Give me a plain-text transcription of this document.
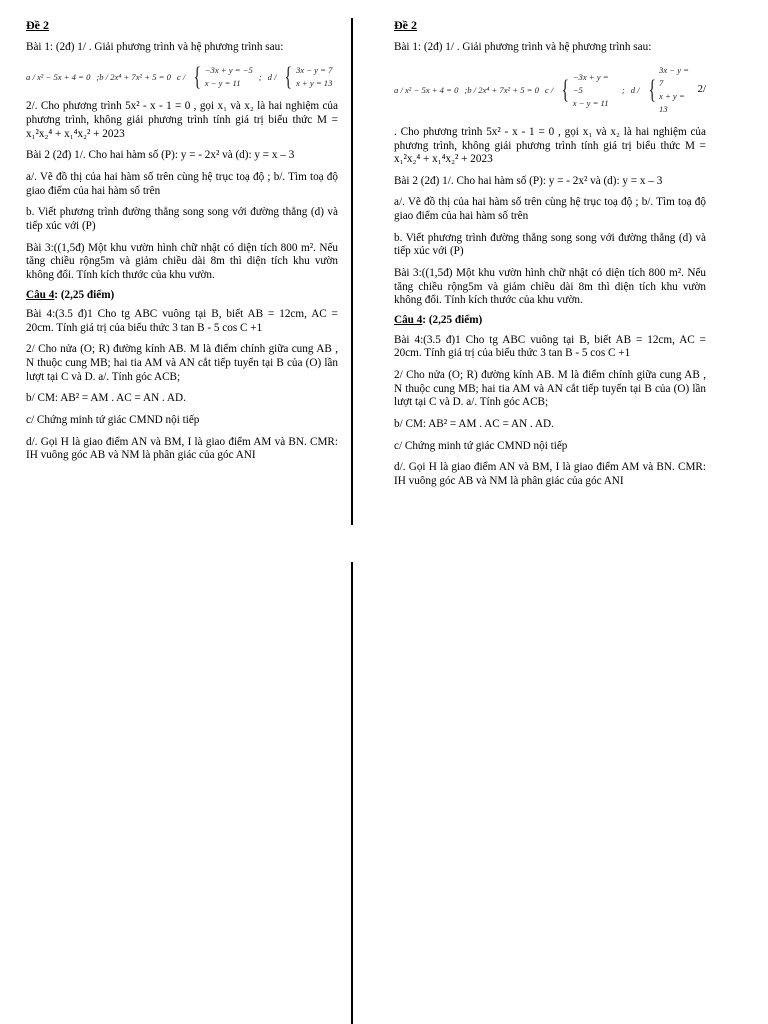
Đề 2

Bài 1: (2đ) 1/ . Giải phương trình và hệ phương trình sau:

a / x² − 5x + 4 = 0 ;b / 2x⁴ + 7x² + 5 = 0 c / { −3x + y = −5
x − y = 11
; d / { 3x − y = 7
x + y = 13

2/. Cho phương trình 5x² - x - 1 = 0 , gọi x₁ và x₂ là hai nghiệm của phương trình, không giải phương trình tính giá trị biểu thức M = x₁²x₂⁴ + x₁⁴x₂² + 2023

Bài 2 (2đ) 1/. Cho hai hàm số (P): y = - 2x² và (d): y = x – 3

a/. Vẽ đồ thị của hai hàm số trên cùng hệ trục toạ độ ; b/. Tìm toạ độ giao điểm của hai hàm số trên

b. Viết phương trình đường thẳng song song với đường thẳng (d) và tiếp xúc với (P)

Bài 3:((1,5đ) Một khu vườn hình chữ nhật có diện tích 800 m². Nếu tăng chiều rộng5m và giảm chiều dài 8m thì diện tích khu vườn không đổi. Tính kích thước của khu vườn.

Câu 4: (2,25 điểm)

Bài 4:(3.5 đ)1 Cho tg ABC vuông tại B, biết AB = 12cm, AC = 20cm. Tính giá trị của biểu thức 3 tan B - 5 cos C +1

2/ Cho nửa (O; R) đường kính AB. M là điểm chính giữa cung AB , N thuộc cung MB; hai tia AM và AN cắt tiếp tuyến tại B của (O) lần lượt tại C và D. a/. Tính góc ACB;

b/ CM: AB² = AM . AC = AN . AD.

c/ Chứng minh tứ giác CMND nội tiếp

d/. Gọi H là giao điểm AN và BM, I là giao điểm AM và BN. CMR: IH vuông góc AB và NM là phân giác của góc ANI

Đề 2

Bài 1: (2đ) 1/ . Giải phương trình và hệ phương trình sau:

a / x² − 5x + 4 = 0 ;b / 2x⁴ + 7x² + 5 = 0 c / { −3x + y = −5
x − y = 11
; d / {
3x − y = 7
x + y = 13
2/

. Cho phương trình 5x² - x - 1 = 0 , gọi x₁ và x₂ là hai nghiệm của phương trình, không giải phương trình tính giá trị biểu thức M = x₁²x₂⁴ + x₁⁴x₂² + 2023

Bài 2 (2đ) 1/. Cho hai hàm số (P): y = - 2x² và (d): y = x – 3

a/. Vẽ đồ thị của hai hàm số trên cùng hệ trục toạ độ ; b/. Tìm toạ độ giao điểm của hai hàm số trên

b. Viết phương trình đường thẳng song song với đường thẳng (d) và tiếp xúc với (P)

Bài 3:((1,5đ) Một khu vườn hình chữ nhật có diện tích 800 m². Nếu tăng chiều rộng5m và giảm chiều dài 8m thì diện tích khu vườn không đổi. Tính kích thước của khu vườn.

Câu 4: (2,25 điểm)

Bài 4:(3.5 đ)1 Cho tg ABC vuông tại B, biết AB = 12cm, AC = 20cm. Tính giá trị của biểu thức 3 tan B - 5 cos C +1

2/ Cho nửa (O; R) đường kính AB. M là điểm chính giữa cung AB , N thuộc cung MB; hai tia AM và AN cắt tiếp tuyến tại B của (O) lần lượt tại C và D. a/. Tính góc ACB;

b/ CM: AB² = AM . AC = AN . AD.

c/ Chứng minh tứ giác CMND nội tiếp

d/. Gọi H là giao điểm AN và BM, I là giao điểm AM và BN. CMR: IH vuông góc AB và NM là phân giác của góc ANI
